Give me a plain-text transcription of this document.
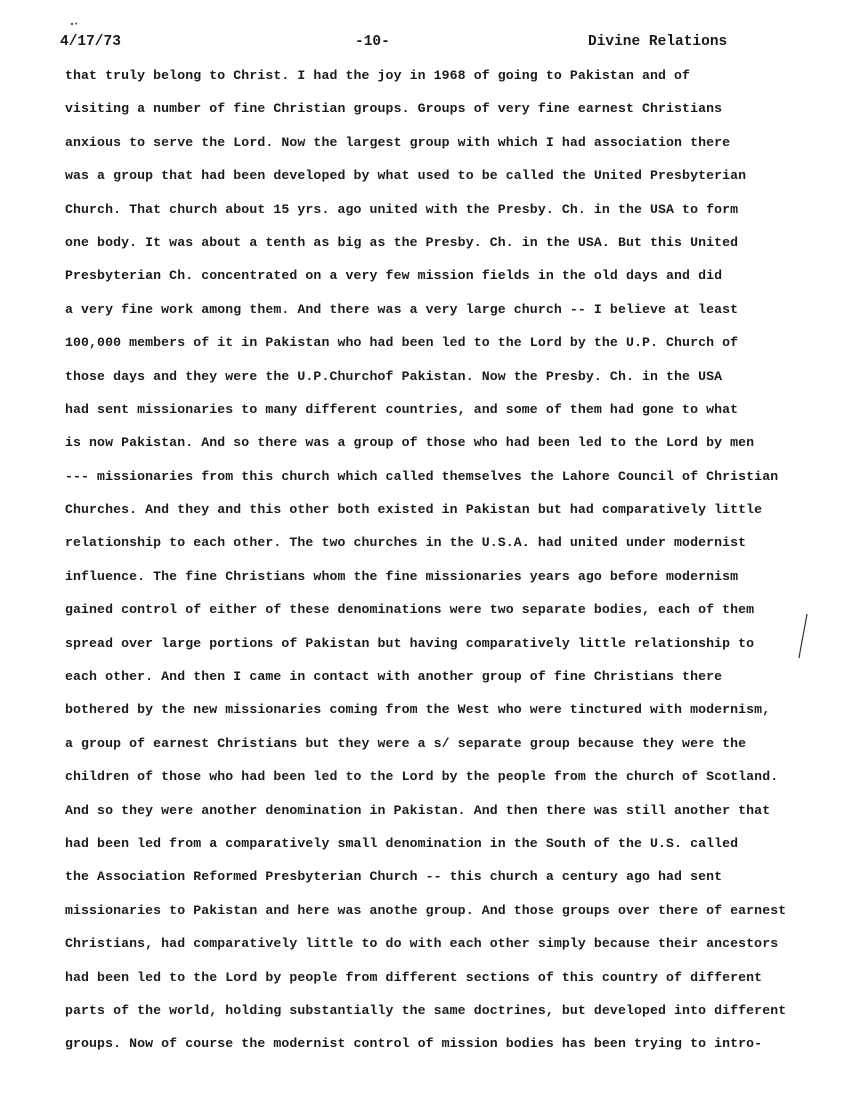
4/17/73	-10-	Divine Relations
that truly belong to Christ. I had the joy in 1968 of going to Pakistan and of
visiting a number of fine Christian groups. Groups of very fine earnest Christians
anxious to serve the Lord. Now the largest group with which I had association there
was a group that had been developed by what used to be called the United Presbyterian
Church. That church about 15 yrs. ago united with the Presby. Ch. in the USA to form
one body. It was about a tenth as big as the Presby. Ch. in the USA. But this United
Presbyterian Ch. concentrated on a very few mission fields in the old days and did
a very fine work among them. And there was a very large church -- I believe at least
100,000 members of it in Pakistan who had been led to the Lord by the U.P. Church of
those days and they were the U.P.Churchof Pakistan. Now the Presby. Ch. in the USA
had sent missionaries to many different countries, and some of them had gone to what
is now Pakistan. And so there was a group of those who had been led to the Lord by men
--- missionaries from this church which called themselves the Lahore Council of Christian
Churches. And they and this other both existed in Pakistan but had comparatively little
relationship to each other. The two churches in the U.S.A. had united under modernist
influence. The fine Christians whom the fine missionaries years ago before modernism
gained control of either of these denominations were two separate bodies, each of them
spread over large portions of Pakistan but having comparatively little relationship to
each other. And then I came in contact with another group of fine Christians there
bothered by the new missionaries coming from the West who were tinctured with modernism,
a group of earnest Christians but they were a s/ separate group because they were the
children of those who had been led to the Lord by the people from the church of Scotland.
And so they were another denomination in Pakistan. And then there was still another that
had been led from a comparatively small denomination in the South of the U.S. called
the Association Reformed Presbyterian Church -- this church a century ago had sent
missionaries to Pakistan and here was anothe group. And those groups over there of earnest
Christians, had comparatively little to do with each other simply because their ancestors
had been led to the Lord by people from different sections of this country of different
parts of the world, holding substantially the same doctrines, but developed into different
groups. Now of course the modernist control of mission bodies has been trying to intro-
